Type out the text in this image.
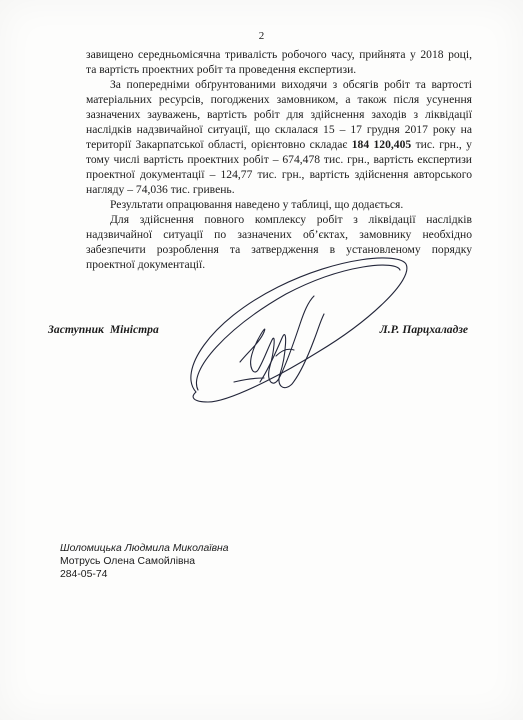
2

завищено середньомісячна тривалість робочого часу, прийнята у 2018 році, та вартість проектних робіт та проведення експертизи.

За попередніми обґрунтованими виходячи з обсягів робіт та вартості матеріальних ресурсів, погоджених замовником, а також після усунення зазначених зауважень, вартість робіт для здійснення заходів з ліквідації наслідків надзвичайної ситуації, що склалася 15 – 17 грудня 2017 року на території Закарпатської області, орієнтовно складає 184 120,405 тис. грн., у тому числі вартість проектних робіт – 674,478 тис. грн., вартість експертизи проектної документації – 124,77 тис. грн., вартість здійснення авторського нагляду – 74,036 тис. гривень.

Результати опрацювання наведено у таблиці, що додається.

Для здійснення повного комплексу робіт з ліквідації наслідків надзвичайної ситуації по зазначених об’єктах, замовнику необхідно забезпечити розроблення та затвердження в установленому порядку проектної документації.

Заступник Міністра	Л.Р. Парцхаладзе
Шоломицька Людмила Миколаївна
Мотрусь Олена Самойлівна
284-05-74
